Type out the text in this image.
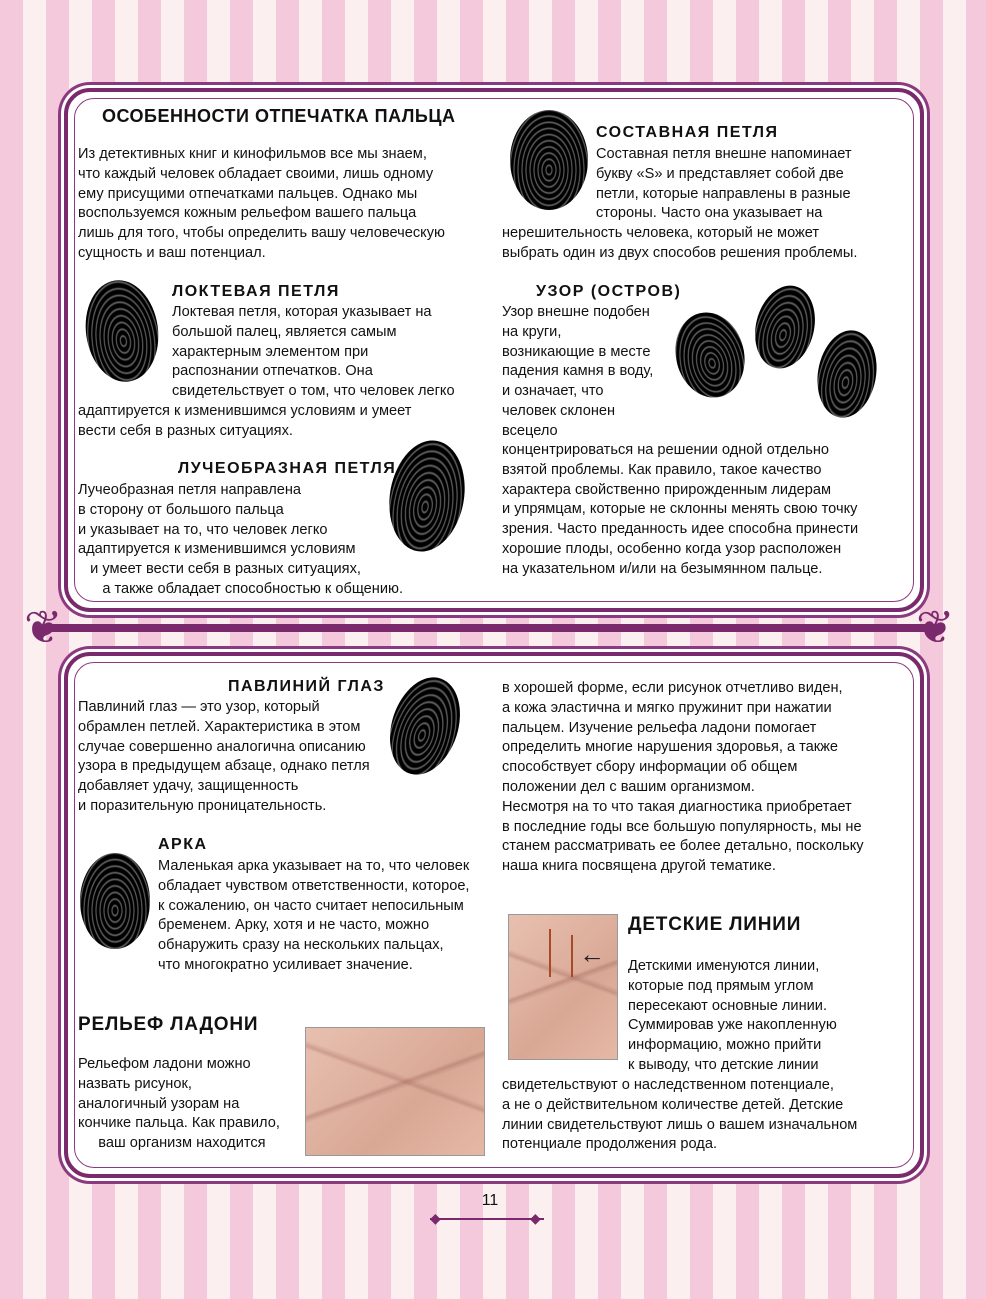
ОСОБЕННОСТИ ОТПЕЧАТКА ПАЛЬЦА
Из детективных книг и кинофильмов все мы знаем,
что каждый человек обладает своими, лишь одному
ему присущими отпечатками пальцев. Однако мы
воспользуемся кожным рельефом вашего пальца
лишь для того, чтобы определить вашу человеческую
сущность и ваш потенциал.
ЛОКТЕВАЯ ПЕТЛЯ
Локтевая петля, которая указывает на
большой палец, является самым
характерным элементом при
распознании отпечатков. Она
свидетельствует о том, что человек легко
адаптируется к изменившимся условиям и умеет
вести себя в разных ситуациях.
ЛУЧЕОБРАЗНАЯ ПЕТЛЯ
Лучеобразная петля направлена
в сторону от большого пальца
и указывает на то, что человек легко
адаптируется к изменившимся условиям
и умеет вести себя в разных ситуациях,
а также обладает способностью к общению.
СОСТАВНАЯ ПЕТЛЯ
Составная петля внешне напоминает
букву «S» и представляет собой две
петли, которые направлены в разные
стороны. Часто она указывает на
нерешительность человека, который не может
выбрать один из двух способов решения проблемы.
УЗОР (ОСТРОВ)
Узор внешне подобен
на круги,
возникающие в месте
падения камня в воду,
и означает, что
человек склонен
всецело
концентрироваться на решении одной отдельно
взятой проблемы. Как правило, такое качество
характера свойственно прирожденным лидерам
и упрямцам, которые не склонны менять свою точку
зрения. Часто преданность идее способна принести
хорошие плоды, особенно когда узор расположен
на указательном и/или на безымянном пальце.
❦	❦
ПАВЛИНИЙ ГЛАЗ
Павлиний глаз — это узор, который
обрамлен петлей. Характеристика в этом
случае совершенно аналогична описанию
узора в предыдущем абзаце, однако петля
добавляет удачу, защищенность
и поразительную проницательность.
АРКА
Маленькая арка указывает на то, что человек
обладает чувством ответственности, которое,
к сожалению, он часто считает непосильным
бременем. Арку, хотя и не часто, можно
обнаружить сразу на нескольких пальцах,
что многократно усиливает значение.
РЕЛЬЕФ ЛАДОНИ
Рельефом ладони можно
назвать рисунок,
аналогичный узорам на
кончике пальца. Как правило,
ваш организм находится
в хорошей форме, если рисунок отчетливо виден,
а кожа эластична и мягко пружинит при нажатии
пальцем. Изучение рельефа ладони помогает
определить многие нарушения здоровья, а также
способствует сбору информации об общем
положении дел с вашим организмом.
Несмотря на то что такая диагностика приобретает
в последние годы все большую популярность, мы не
станем рассматривать ее более детально, поскольку
наша книга посвящена другой тематике.
←
ДЕТСКИЕ ЛИНИИ
Детскими именуются линии,
которые под прямым углом
пересекают основные линии.
Суммировав уже накопленную
информацию, можно прийти
к выводу, что детские линии
свидетельствуют о наследственном потенциале,
а не о действительном количестве детей. Детские
линии свидетельствуют лишь о вашем изначальном
потенциале продолжения рода.
11
◆	◆
